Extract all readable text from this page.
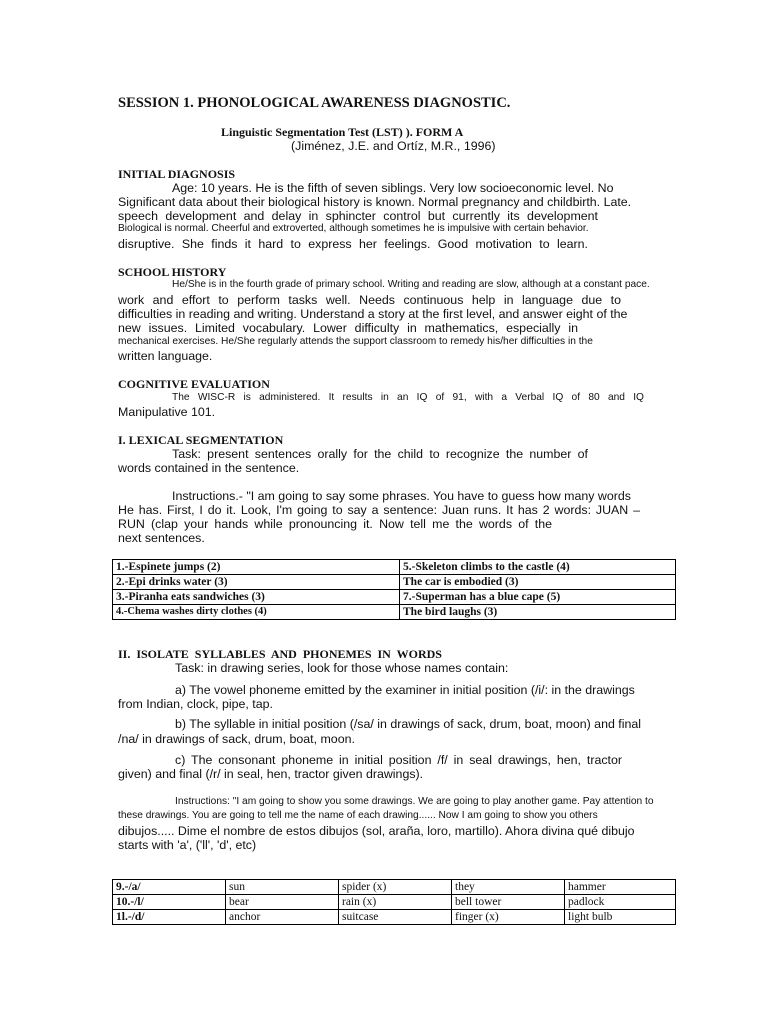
SESSION 1. PHONOLOGICAL AWARENESS DIAGNOSTIC.
Linguistic Segmentation Test (LST) ). FORM A
(Jiménez, J.E. and Ortíz, M.R., 1996)
INITIAL DIAGNOSIS
Age: 10 years. He is the fifth of seven siblings. Very low socioeconomic level. No
Significant data about their biological history is known. Normal pregnancy and childbirth. Late.
speech development and delay in sphincter control but currently its development
Biological is normal. Cheerful and extroverted, although sometimes he is impulsive with certain behavior.
disruptive. She finds it hard to express her feelings. Good motivation to learn.
SCHOOL HISTORY
He/She is in the fourth grade of primary school. Writing and reading are slow, although at a constant pace.
work and effort to perform tasks well. Needs continuous help in language due to
difficulties in reading and writing. Understand a story at the first level, and answer eight of the
new issues. Limited vocabulary. Lower difficulty in mathematics, especially in
mechanical exercises. He/She regularly attends the support classroom to remedy his/her difficulties in the
written language.
COGNITIVE EVALUATION
The WISC-R is administered. It results in an IQ of 91, with a Verbal IQ of 80 and IQ
Manipulative 101.
I. LEXICAL SEGMENTATION
Task: present sentences orally for the child to recognize the number of
words contained in the sentence.
Instructions.- "I am going to say some phrases. You have to guess how many words
He has. First, I do it. Look, I'm going to say a sentence: Juan runs. It has 2 words: JUAN –
RUN (clap your hands while pronouncing it. Now tell me the words of the
next sentences.
1.-Espinete jumps (2)	5.-Skeleton climbs to the castle (4)
2.-Epi drinks water (3)	The car is embodied (3)
3.-Piranha eats sandwiches (3)	7.-Superman has a blue cape (5)
4.-Chema washes dirty clothes (4)	The bird laughs (3)
II.  ISOLATE  SYLLABLES  AND  PHONEMES  IN  WORDS
Task: in drawing series, look for those whose names contain:
a) The vowel phoneme emitted by the examiner in initial position (/i/: in the drawings
from Indian, clock, pipe, tap.
b) The syllable in initial position (/sa/ in drawings of sack, drum, boat, moon) and final
/na/ in drawings of sack, drum, boat, moon.
c) The consonant phoneme in initial position /f/ in seal drawings, hen, tractor
given) and final (/r/ in seal, hen, tractor given drawings).
Instructions: "I am going to show you some drawings. We are going to play another game. Pay attention to
these drawings. You are going to tell me the name of each drawing...... Now I am going to show you others
dibujos..... Dime el nombre de estos dibujos (sol, araña, loro, martillo). Ahora divina qué dibujo
starts with 'a', ('ll', 'd', etc)
9.-/a/	sun	spider (x)	they	hammer
10.-/l/	bear	rain (x)	bell tower	padlock
1l.-/d/	anchor	suitcase	finger (x)	light bulb
